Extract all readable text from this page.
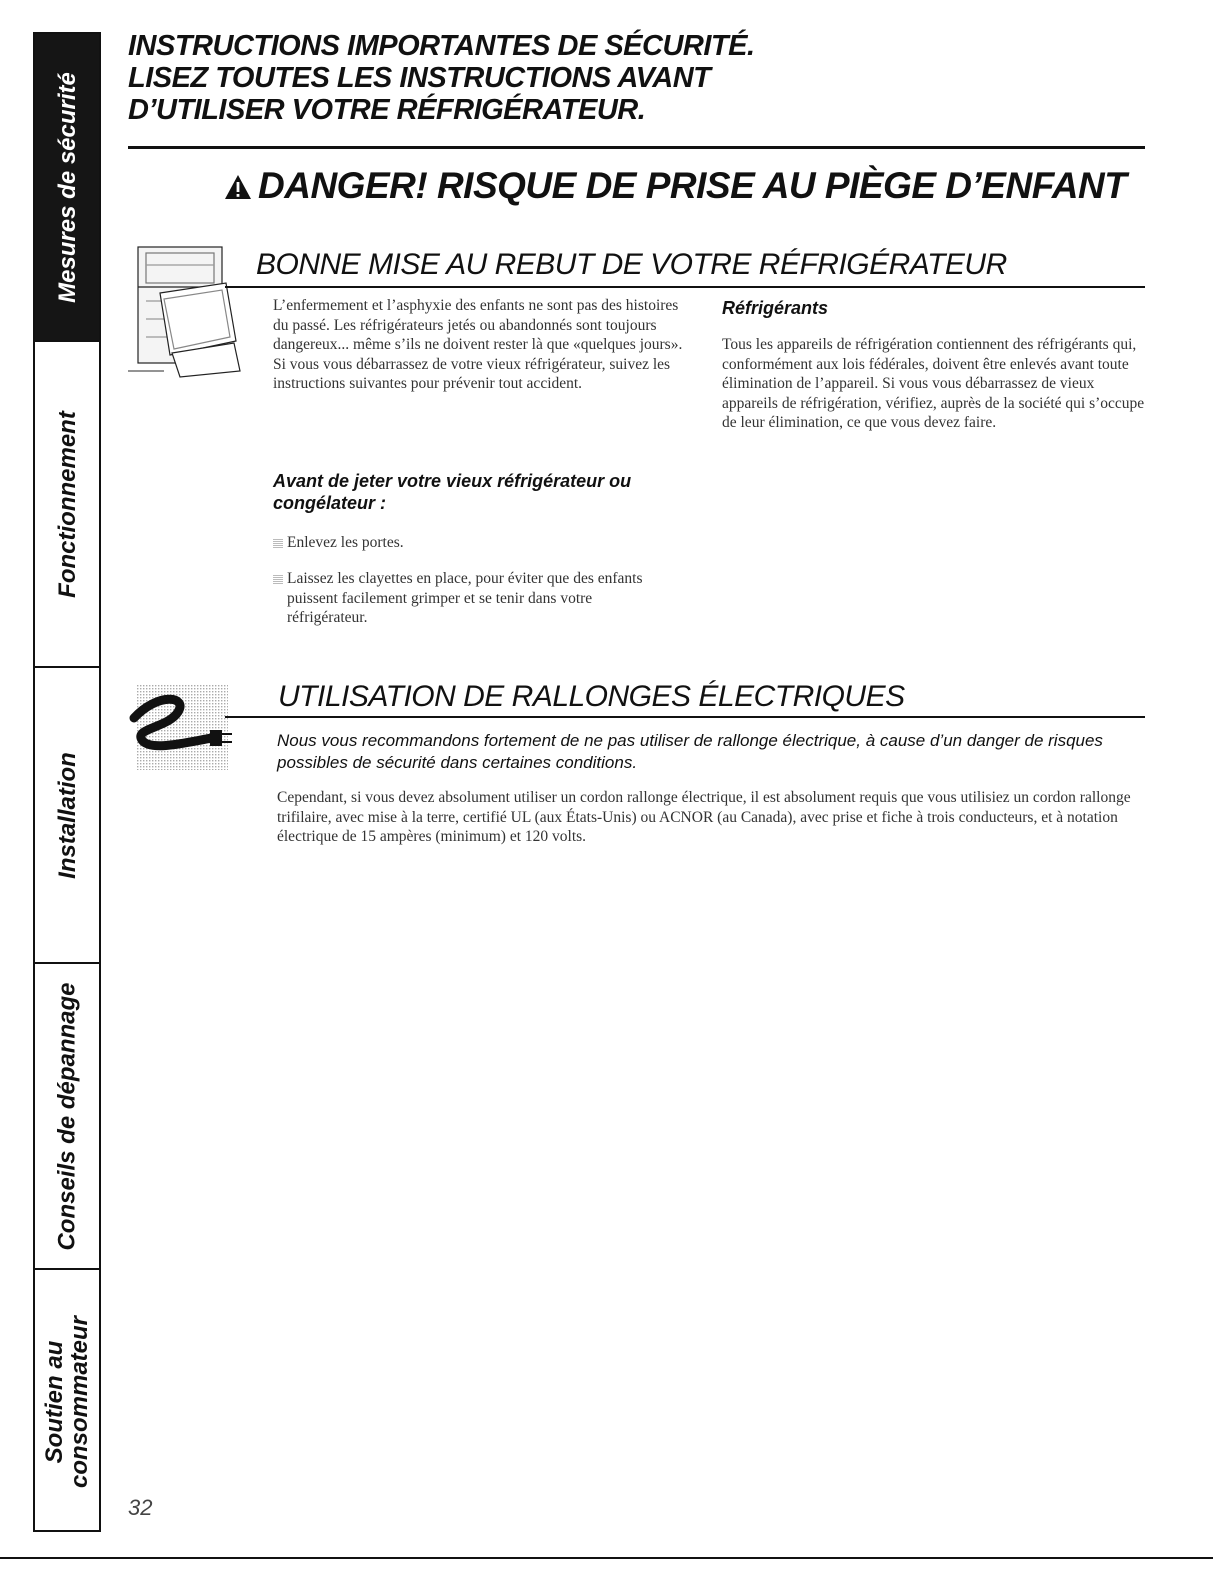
Mesures de sécurité
Fonctionnement
Installation
Conseils de dépannage
Soutien au
consommateur
INSTRUCTIONS IMPORTANTES DE SÉCURITÉ.
LISEZ TOUTES LES INSTRUCTIONS AVANT
D’UTILISER VOTRE RÉFRIGÉRATEUR.
DANGER! RISQUE DE PRISE AU PIÈGE D’ENFANT
BONNE MISE AU REBUT DE VOTRE RÉFRIGÉRATEUR
L’enfermement et l’asphyxie des enfants ne sont pas des histoires du passé. Les réfrigérateurs jetés ou abandonnés sont toujours dangereux... même s’ils ne doivent rester là que «quelques jours». Si vous vous débarrassez de votre vieux réfrigérateur, suivez les instructions suivantes pour prévenir tout accident.
Avant de jeter votre vieux réfrigérateur ou congélateur :
Enlevez les portes.
Laissez les clayettes en place, pour éviter que des enfants puissent facilement grimper et se tenir dans votre réfrigérateur.
Réfrigérants
Tous les appareils de réfrigération contiennent des réfrigérants qui, conformément aux lois fédérales, doivent être enlevés avant toute élimination de l’appareil. Si vous vous débarrassez de vieux appareils de réfrigération, vérifiez, auprès de la société qui s’occupe de leur élimination, ce que vous devez faire.
UTILISATION DE RALLONGES ÉLECTRIQUES
Nous vous recommandons fortement de ne pas utiliser de rallonge électrique, à cause d’un danger de risques possibles de sécurité dans certaines conditions.
Cependant, si vous devez absolument utiliser un cordon rallonge électrique, il est absolument requis que vous utilisiez un cordon rallonge trifilaire, avec mise à la terre, certifié UL (aux États-Unis) ou ACNOR (au Canada), avec prise et fiche à trois conducteurs, et à notation électrique de 15 ampères (minimum) et 120 volts.
32
